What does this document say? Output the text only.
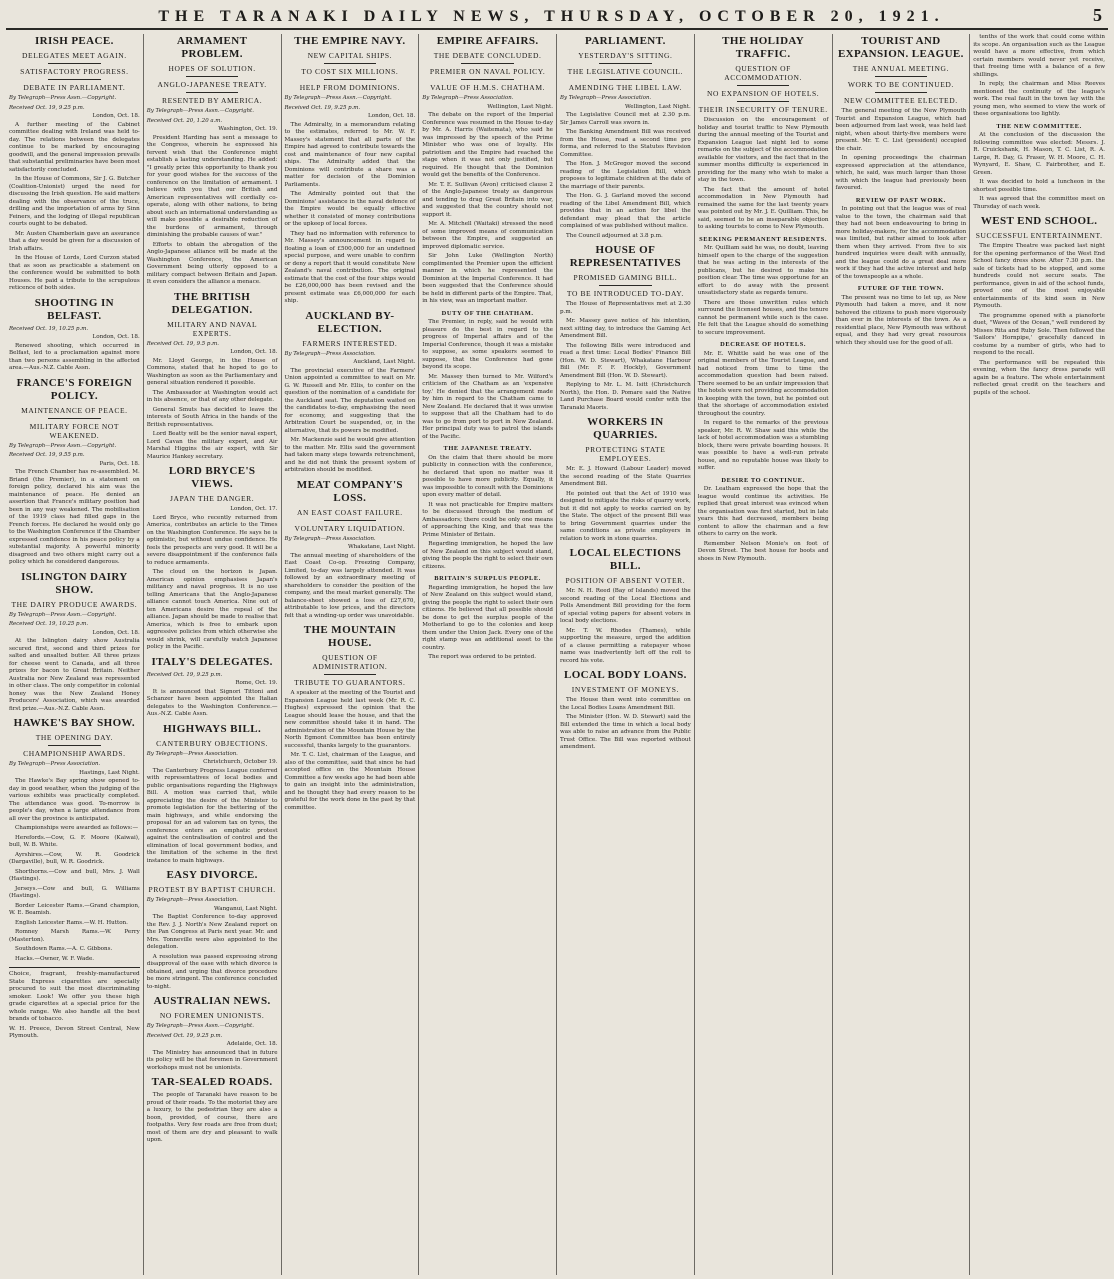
THE TARANAKI DAILY NEWS, THURSDAY, OCTOBER 20, 1921.	5
IRISH PEACE.
DELEGATES MEET AGAIN.
SATISFACTORY PROGRESS.
DEBATE IN PARLIAMENT.
By Telegraph—Press Assn.—Copyright.
Received Oct. 19, 9.25 p.m.
London, Oct. 18.

A further meeting of the Cabinet committee dealing with Ireland was held to-day. The relations between the delegates continue to be marked by encouraging goodwill, and the general impression prevails that substantial preliminaries have been most satisfactorily concluded.

In the House of Commons, Sir J. G. Butcher (Coalition-Unionist) urged the need for discussing the Irish question. He said matters dealing with the observance of the truce, drilling and the importation of arms by Sinn Feiners, and the lodging of illegal republican courts ought to be debated.

Mr. Austen Chamberlain gave an assurance that a day would be given for a discussion of Irish affairs.

In the House of Lords, Lord Curzon stated that as soon as practicable a statement on the conference would be submitted to both Houses. He paid a tribute to the scrupulous reticence of both sides.

SHOOTING IN BELFAST.
Received Oct. 19, 10.25 p.m.
London, Oct. 18.

Renewed shooting, which occurred in Belfast, led to a proclamation against more than two persons assembling in the affected area.—Aus.-N.Z. Cable Assn.

FRANCE'S FOREIGN POLICY.
MAINTENANCE OF PEACE.
MILITARY FORCE NOT WEAKENED.
By Telegraph—Press Assn.—Copyright.
Received Oct. 19, 9.55 p.m.
Paris, Oct. 18.

The French Chamber has re-assembled. M. Briand (the Premier), in a statement on foreign policy, declared his aim was the maintenance of peace. He denied an assertion that France's military position had been in any way weakened. The mobilisation of the 1919 class had filled gaps in the French forces. He declared he would only go to the Washington Conference if the Chamber expressed confidence in his peace policy by a substantial majority. A powerful minority disagreed and two others might carry out a policy which he considered dangerous.

ISLINGTON DAIRY SHOW.
THE DAIRY PRODUCE AWARDS.
By Telegraph—Press Assn.—Copyright.
Received Oct. 19, 10.25 p.m.
London, Oct. 18.

At the Islington dairy show Australia secured first, second and third prizes for salted and unsalted butter. All three prizes for cheese went to Canada, and all three prizes for bacon to Great Britain. Neither Australia nor New Zealand was represented in other class. The only competitor in colonial honey was the New Zealand Honey Producers' Association, which was awarded first prize.—Aus.-N.Z. Cable Assn.

HAWKE'S BAY SHOW.
THE OPENING DAY.
CHAMPIONSHIP AWARDS.
By Telegraph—Press Association.
Hastings, Last Night.

The Hawke's Bay spring show opened to-day in good weather, when the judging of the various exhibits was practically completed. The attendance was good. To-morrow is people's day, when a large attendance from all over the province is anticipated.

Championships were awarded as follows:—

Herefords.—Cow, G. F. Moore (Kaiwai), bull, W. B. White.

Ayrshires.—Cow, W. R. Goodrick (Dargaville), bull, W. R. Goodrick.

Shorthorns.—Cow and bull, Mrs. J. Wall (Hastings).

Jerseys.—Cow and bull, G. Williams (Hastings).

Border Leicester Rams.—Grand champion, W. E. Beamish.

English Leicester Rams.—W. H. Hutton.

Romney Marsh Rams.—W. Perry (Masterton).

Southdown Rams.—A. C. Gibbons.

Hacks.—Owner, W. F. Wade.

Choice, fragrant, freshly-manufactured State Express cigarettes are specially procured to suit the most discriminating smoker. Look! We offer you these high grade cigarettes at a special price for the whole range. We also handle all the best brands of tobacco.

W. H. Preece, Devon Street Central, New Plymouth.

ARMAMENT PROBLEM.
HOPES OF SOLUTION.
ANGLO-JAPANESE TREATY.
RESENTED BY AMERICA.
By Telegraph—Press Assn.—Copyright.
Received Oct. 20, 1.20 a.m.
Washington, Oct. 19.

President Harding has sent a message to the Congress, wherein he expressed his fervent wish that the Conference might establish a lasting understanding. He added: "I greatly prize this opportunity to thank you for your good wishes for the success of the conference on the limitation of armament. I believe with you that our British and American representatives will cordially co-operate, along with other nations, to bring about such an international understanding as will make possible a desirable reduction of the burdens of armament, through diminishing the probable causes of war."

Efforts to obtain the abrogation of the Anglo-Japanese alliance will be made at the Washington Conference, the American Government being utterly opposed to a military compact between Britain and Japan. It even considers the alliance a menace.

THE BRITISH DELEGATION.
MILITARY AND NAVAL EXPERTS.
Received Oct. 19, 9.5 p.m.
London, Oct. 18.

Mr. Lloyd George, in the House of Commons, stated that he hoped to go to Washington as soon as the Parliamentary and general situation rendered it possible.

The Ambassador at Washington would act in his absence, or that of any other delegate.

General Smuts has decided to leave the interests of South Africa in the hands of the British representatives.

Lord Beatty will be the senior naval expert, Lord Cavan the military expert, and Air Marshal Higgins the air expert, with Sir Maurice Hankey secretary.

LORD BRYCE'S VIEWS.
JAPAN THE DANGER.
London, Oct. 17.

Lord Bryce, who recently returned from America, contributes an article to the Times on the Washington Conference. He says he is optimistic, but without undue confidence. He feels the prospects are very good. It will be a severe disappointment if the conference fails to reduce armaments.

The cloud on the horizon is Japan. American opinion emphasises Japan's militancy and naval progress. It is no use telling Americans that the Anglo-Japanese alliance cannot touch America. Nine out of ten Americans desire the repeal of the alliance. Japan should be made to realise that America, which is free to embark upon aggressive policies from which otherwise she would shrink, will carefully watch Japanese policy in the Pacific.

ITALY'S DELEGATES.
Received Oct. 19, 9.25 p.m.
Rome, Oct. 19.

It is announced that Signori Tittoni and Schanzer have been appointed the Italian delegates to the Washington Conference.—Aus.-N.Z. Cable Assn.

HIGHWAYS BILL.
CANTERBURY OBJECTIONS.
By Telegraph—Press Association.
Christchurch, October 19.

The Canterbury Progress League conferred with representatives of local bodies and public organisations regarding the Highways Bill. A motion was carried that, while appreciating the desire of the Minister to promote legislation for the bettering of the main highways, and while endorsing the proposal for an ad valorem tax on tyres, the conference enters an emphatic protest against the centralisation of control and the elimination of local government bodies, and the limitation of the scheme in the first instance to main highways.

EASY DIVORCE.
PROTEST BY BAPTIST CHURCH.
By Telegraph—Press Association.
Wanganui, Last Night.

The Baptist Conference to-day approved the Rev. J. J. North's New Zealand report on the Pan Congress at Paris next year. Mr. and Mrs. Tonneville were also appointed to the delegation.

A resolution was passed expressing strong disapproval of the ease with which divorce is obtained, and urging that divorce procedure be more stringent. The conference concluded to-night.

AUSTRALIAN NEWS.
NO FOREMEN UNIONISTS.
By Telegraph—Press Assn.—Copyright.
Received Oct. 19, 9.25 p.m.
Adelaide, Oct. 18.

The Ministry has announced that in future its policy will be that foremen in Government workshops must not be unionists.

TAR-SEALED ROADS.

The people of Taranaki have reason to be proud of their roads. To the motorist they are a luxury, to the pedestrian they are also a boon, provided, of course, there are footpaths. Very few roads are free from dust; most of them are dry and pleasant to walk upon.

THE EMPIRE NAVY.
NEW CAPITAL SHIPS.
TO COST SIX MILLIONS.
HELP FROM DOMINIONS.
By Telegraph—Press Assn.—Copyright.
Received Oct. 19, 9.25 p.m.
London, Oct. 18.

The Admiralty, in a memorandum relating to the estimates, referred to Mr. W. F. Massey's statement that all parts of the Empire had agreed to contribute towards the cost and maintenance of four new capital ships. The Admiralty added that the Dominions will contribute a share was a matter for decision of the Dominion Parliaments.

The Admiralty pointed out that the Dominions' assistance in the naval defence of the Empire would be equally effective whether it consisted of money contributions or the upkeep of local forces.

They had no information with reference to Mr. Massey's announcement in regard to floating a loan of £500,000 for an undefined special purpose, and were unable to confirm or deny a report that it would constitute New Zealand's naval contribution. The original estimate that the cost of the four ships would be £26,000,000 has been revised and the present estimate was £6,000,000 for each ship.

AUCKLAND BY-ELECTION.
FARMERS INTERESTED.
By Telegraph—Press Association.
Auckland, Last Night.

The provincial executive of the Farmers' Union appointed a committee to wait on Mr. G. W. Russell and Mr. Ellis, to confer on the question of the nomination of a candidate for the Auckland seat. The deputation waited on the candidates to-day, emphasising the need for economy, and suggesting that the Arbitration Court be suspended, or, in the alternative, that its powers be modified.

Mr. Mackenzie said he would give attention to the matter. Mr. Ellis said the government had taken many steps towards retrenchment, and he did not think the present system of arbitration should be modified.

MEAT COMPANY'S LOSS.
AN EAST COAST FAILURE.
VOLUNTARY LIQUIDATION.
By Telegraph—Press Association.
Whakatane, Last Night.

The annual meeting of shareholders of the East Coast Co-op. Freezing Company, Limited, to-day was largely attended. It was followed by an extraordinary meeting of shareholders to consider the position of the company, and the meat market generally. The balance-sheet showed a loss of £27,670, attributable to low prices, and the directors felt that a winding-up order was unavoidable.

THE MOUNTAIN HOUSE.
QUESTION OF ADMINISTRATION.
TRIBUTE TO GUARANTORS.

A speaker at the meeting of the Tourist and Expansion League held last week (Mr. R. C. Hughes) expressed the opinion that the League should lease the house, and that the new committee should take it in hand. The administration of the Mountain House by the North Egmont Committee has been entirely successful, thanks largely to the guarantors.

Mr. T. C. List, chairman of the League, and also of the committee, said that since he had accepted office on the Mountain House Committee a few weeks ago he had been able to gain an insight into the administration, and he thought they had every reason to be grateful for the work done in the past by that committee.

EMPIRE AFFAIRS.
THE DEBATE CONCLUDED.
PREMIER ON NAVAL POLICY.
VALUE OF H.M.S. CHATHAM.
By Telegraph—Press Association.
Wellington, Last Night.

The debate on the report of the Imperial Conference was resumed in the House to-day by Mr. A. Harris (Waitemata), who said he was impressed by the speech of the Prime Minister who was one of loyalty. His patriotism and the Empire had reached the stage when it was not only justified, but required. He thought that the Dominion would get the benefits of the Conference.

Mr. T. E. Sullivan (Avon) criticised clause 2 of the Anglo-Japanese treaty as dangerous and tending to drag Great Britain into war, and suggested that the country should not support it.

Mr. A. Mitchell (Waitaki) stressed the need of some improved means of communication between the Empire, and suggested an improved diplomatic service.

Sir John Luke (Wellington North) complimented the Premier upon the efficient manner in which he represented the Dominion at the Imperial Conference. It had been suggested that the Conference should be held in different parts of the Empire. That, in his view, was an important matter.

DUTY OF THE CHATHAM.

The Premier, in reply, said he would with pleasure do the best in regard to the progress of Imperial affairs and of the Imperial Conference, though it was a mistake to suppose, as some speakers seemed to suppose, that the Conference had gone beyond its scope.

Mr. Massey then turned to Mr. Wilford's criticism of the Chatham as an 'expensive toy.' He denied that the arrangement made by him in regard to the Chatham came to New Zealand. He declared that it was unwise to suppose that all the Chatham had to do was to go from port to port in New Zealand. Her principal duty was to patrol the islands of the Pacific.

THE JAPANESE TREATY.

On the claim that there should be more publicity in connection with the conference, he declared that upon no matter was it possible to have more publicity. Equally, it was impossible to consult with the Dominions upon every matter of detail.

It was not practicable for Empire matters to be discussed through the medium of Ambassadors; there could be only one means of approaching the King, and that was the Prime Minister of Britain.

Regarding immigration, he hoped the law of New Zealand on this subject would stand, giving the people the right to select their own citizens.

BRITAIN'S SURPLUS PEOPLE.

Regarding immigration, he hoped the law of New Zealand on this subject would stand, giving the people the right to select their own citizens. He believed that all possible should be done to get the surplus people of the Motherland to go to the colonies and keep them under the Union Jack. Every one of the right stamp was an additional asset to the country.

The report was ordered to be printed.

PARLIAMENT.
YESTERDAY'S SITTING.
THE LEGISLATIVE COUNCIL.
AMENDING THE LIBEL LAW.
By Telegraph—Press Association.
Wellington, Last Night.

The Legislative Council met at 2.30 p.m. Sir James Carroll was sworn in.

The Banking Amendment Bill was received from the House, read a second time pro forma, and referred to the Statutes Revision Committee.

The Hon. J. McGregor moved the second reading of the Legislation Bill, which proposes to legitimate children at the date of the marriage of their parents.

The Hon. G. J. Garland moved the second reading of the Libel Amendment Bill, which provides that in an action for libel the defendant may plead that the article complained of was published without malice.

The Council adjourned at 3.8 p.m.

HOUSE OF REPRESENTATIVES
PROMISED GAMING BILL.
TO BE INTRODUCED TO-DAY.

The House of Representatives met at 2.30 p.m.

Mr. Massey gave notice of his intention, next sitting day, to introduce the Gaming Act Amendment Bill.

The following Bills were introduced and read a first time: Local Bodies' Finance Bill (Hon. W. D. Stewart), Whakatane Harbour Bill (Mr. F. F. Hockly), Government Amendment Bill (Hon. W. D. Stewart).

Replying to Mr. L. M. Isitt (Christchurch North), the Hon. D. Pomare said the Native Land Purchase Board would confer with the Taranaki Maoris.

WORKERS IN QUARRIES.
PROTECTING STATE EMPLOYEES.

Mr. E. J. Howard (Labour Leader) moved the second reading of the State Quarries Amendment Bill.

He pointed out that the Act of 1910 was designed to mitigate the risks of quarry work, but it did not apply to works carried on by the State. The object of the present Bill was to bring Government quarries under the same conditions as private employers in relation to work in stone quarries.

LOCAL ELECTIONS BILL.
POSITION OF ABSENT VOTER.

Mr. N. H. Reed (Bay of Islands) moved the second reading of the Local Elections and Polls Amendment Bill providing for the form of special voting papers for absent voters in local body elections.

Mr. T. W. Rhodes (Thames), while supporting the measure, urged the addition of a clause permitting a ratepayer whose name was inadvertently left off the roll to record his vote.

LOCAL BODY LOANS.
INVESTMENT OF MONEYS.

The House then went into committee on the Local Bodies Loans Amendment Bill.

The Minister (Hon. W. D. Stewart) said the Bill extended the time in which a local body was able to raise an advance from the Public Trust Office. The Bill was reported without amendment.

THE HOLIDAY TRAFFIC.
QUESTION OF ACCOMMODATION.
NO EXPANSION OF HOTELS.
THEIR INSECURITY OF TENURE.

Discussion on the encouragement of holiday and tourist traffic to New Plymouth during the annual meeting of the Tourist and Expansion League last night led to some remarks on the subject of the accommodation available for visitors, and the fact that in the summer months difficulty is experienced in providing for the many who wish to make a stay in the town.

The fact that the amount of hotel accommodation in New Plymouth had remained the same for the last twenty years was pointed out by Mr. J. E. Quilliam. This, he said, seemed to be an inseparable objection to asking tourists to come to New Plymouth.

SEEKING PERMANENT RESIDENTS.

Mr. Quilliam said he was, no doubt, leaving himself open to the charge of the suggestion that he was acting in the interests of the publicans, but he desired to make his position clear. The time was opportune for an effort to do away with the present unsatisfactory state as regards tenure.

There are those unwritten rules which surround the licensed houses, and the tenure cannot be permanent while such is the case. He felt that the League should do something to secure improvement.

DECREASE OF HOTELS.

Mr. E. Whittle said he was one of the original members of the Tourist League, and had noticed from time to time the accommodation question had been raised. There seemed to be an unfair impression that the hotels were not providing accommodation in keeping with the town, but he pointed out that the shortage of accommodation existed throughout the country.

In regard to the remarks of the previous speaker, Mr. R. W. Shaw said this while the lack of hotel accommodation was a stumbling block, there were private boarding houses. It was possible to have a well-run private house, and no reputable house was likely to suffer.

DESIRE TO CONTINUE.

Dr. Leatham expressed the hope that the league would continue its activities. He replied that great interest was evinced when the organisation was first started, but in late years this had decreased, members being content to allow the chairman and a few others to carry on the work.

Remember Nelson Monie's on foot of Devon Street. The best house for boots and shoes in New Plymouth.

TOURIST AND EXPANSION. LEAGUE.
THE ANNUAL MEETING.
WORK TO BE CONTINUED.
NEW COMMITTEE ELECTED.

The general meeting of the New Plymouth Tourist and Expansion League, which had been adjourned from last week, was held last night, when about thirty-five members were present. Mr. T. C. List (president) occupied the chair.

In opening proceedings the chairman expressed appreciation at the attendance, which, he said, was much larger than those with which the league had previously been favoured.

REVIEW OF PAST WORK.

In pointing out that the league was of real value to the town, the chairman said that they had not been endeavouring to bring in more holiday-makers, for the accommodation was limited, but rather aimed to look after them when they arrived. From five to six hundred inquiries were dealt with annually, and the league could do a great deal more work if they had the active interest and help of the townspeople as a whole.

FUTURE OF THE TOWN.

The present was no time to let up, as New Plymouth had taken a move, and it now behoved the citizens to push more vigorously than ever in the interests of the town. As a residential place, New Plymouth was without equal, and they had very great resources which they should use for the good of all.

tenths of the work that could come within its scope. An organisation such as the League would have a more effective, from which certain members would never yet receive, that freeing time with a balance of a few shillings.

In reply, the chairman and Miss Reeves mentioned the continuity of the league's work. The real fault in the town lay with the young men, who seemed to view the work of these organisations too lightly.

THE NEW COMMITTEE.

At the conclusion of the discussion the following committee was elected: Messrs. J. R. Cruickshank, H. Mason, T. C. List, R. A. Large, R. Day, G. Fraser, W. H. Moore, C. H. Wynyard, E. Shaw, C. Fairbrother, and E. Green.

It was decided to hold a luncheon in the shortest possible time.

It was agreed that the committee meet on Thursday of each week.

WEST END SCHOOL.
SUCCESSFUL ENTERTAINMENT.

The Empire Theatre was packed last night for the opening performance of the West End School fancy dress show. After 7.30 p.m. the sale of tickets had to be stopped, and some hundreds could not secure seats. The performance, given in aid of the school funds, proved one of the most enjoyable entertainments of its kind seen in New Plymouth.

The programme opened with a pianoforte duet, "Waves of the Ocean," well rendered by Misses Rita and Ruby Sole. Then followed the 'Sailors' Hornpipe,' gracefully danced in costume by a number of girls, who had to respond to the recall.

The performance will be repeated this evening, when the fancy dress parade will again be a feature. The whole entertainment reflected great credit on the teachers and pupils of the school.
